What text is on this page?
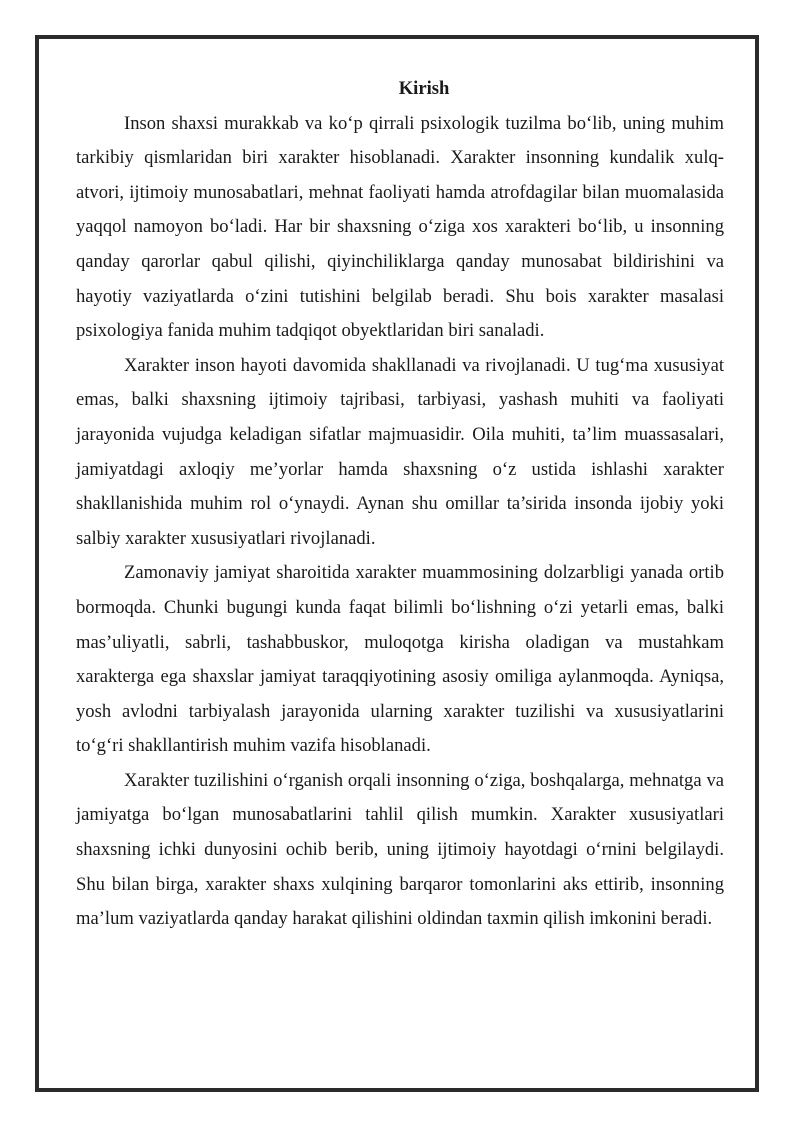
Kirish

Inson shaxsi murakkab va ko‘p qirrali psixologik tuzilma bo‘lib, uning muhim tarkibiy qismlaridan biri xarakter hisoblanadi. Xarakter insonning kundalik xulq-atvori, ijtimoiy munosabatlari, mehnat faoliyati hamda atrofdagilar bilan muomalasida yaqqol namoyon bo‘ladi. Har bir shaxsning o‘ziga xos xarakteri bo‘lib, u insonning qanday qarorlar qabul qilishi, qiyinchiliklarga qanday munosabat bildirishini va hayotiy vaziyatlarda o‘zini tutishini belgilab beradi. Shu bois xarakter masalasi psixologiya fanida muhim tadqiqot obyektlaridan biri sanaladi.

Xarakter inson hayoti davomida shakllanadi va rivojlanadi. U tug‘ma xususiyat emas, balki shaxsning ijtimoiy tajribasi, tarbiyasi, yashash muhiti va faoliyati jarayonida vujudga keladigan sifatlar majmuasidir. Oila muhiti, ta’lim muassasalari, jamiyatdagi axloqiy me’yorlar hamda shaxsning o‘z ustida ishlashi xarakter shakllanishida muhim rol o‘ynaydi. Aynan shu omillar ta’sirida insonda ijobiy yoki salbiy xarakter xususiyatlari rivojlanadi.

Zamonaviy jamiyat sharoitida xarakter muammosining dolzarbligi yanada ortib bormoqda. Chunki bugungi kunda faqat bilimli bo‘lishning o‘zi yetarli emas, balki mas’uliyatli, sabrli, tashabbuskor, muloqotga kirisha oladigan va mustahkam xarakterga ega shaxslar jamiyat taraqqiyotining asosiy omiliga aylanmoqda. Ayniqsa, yosh avlodni tarbiyalash jarayonida ularning xarakter tuzilishi va xususiyatlarini to‘g‘ri shakllantirish muhim vazifa hisoblanadi.

Xarakter tuzilishini o‘rganish orqali insonning o‘ziga, boshqalarga, mehnatga va jamiyatga bo‘lgan munosabatlarini tahlil qilish mumkin. Xarakter xususiyatlari shaxsning ichki dunyosini ochib berib, uning ijtimoiy hayotdagi o‘rnini belgilaydi. Shu bilan birga, xarakter shaxs xulqining barqaror tomonlarini aks ettirib, insonning ma’lum vaziyatlarda qanday harakat qilishini oldindan taxmin qilish imkonini beradi.
